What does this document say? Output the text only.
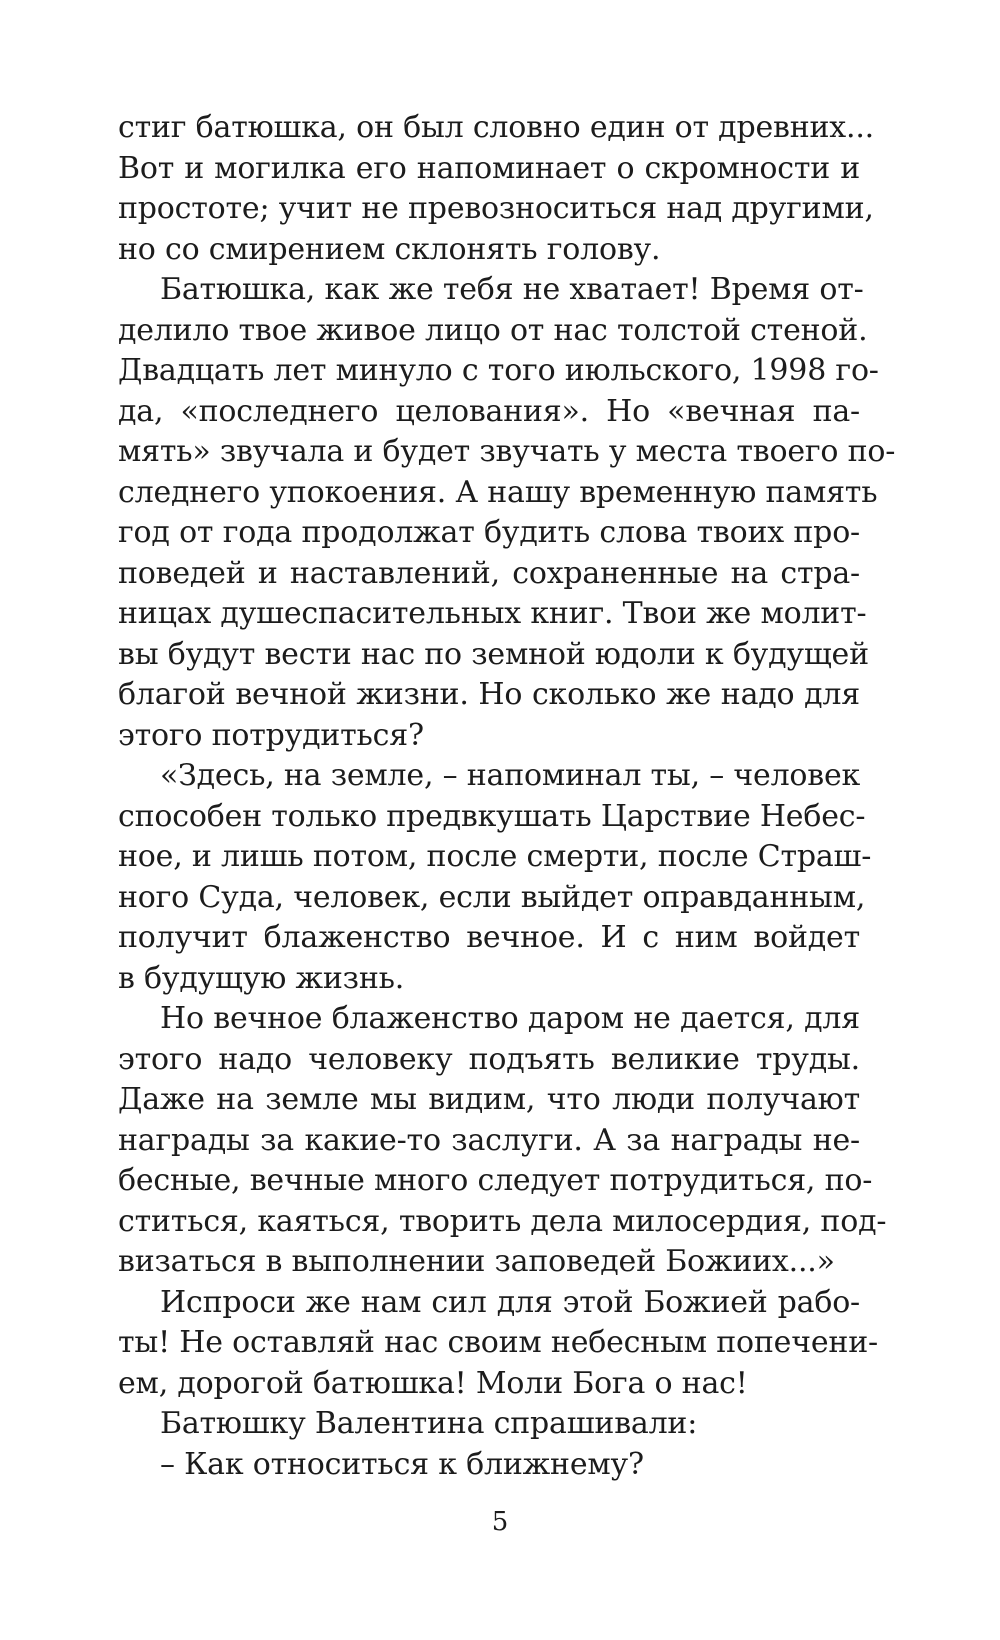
стиг батюшка, он был словно един от древних...
Вот и могилка его напоминает о скромности и
простоте; учит не превозноситься над другими,
но со смирением склонять голову.
Батюшка, как же тебя не хватает! Время от-
делило твое живое лицо от нас толстой стеной.
Двадцать лет минуло с того июльского, 1998 го-
да, «последнего целования». Но «вечная па-
мять» звучала и будет звучать у места твоего по-
следнего упокоения. А нашу временную память
год от года продолжат будить слова твоих про-
поведей и наставлений, сохраненные на стра-
ницах душеспасительных книг. Твои же молит-
вы будут вести нас по земной юдоли к будущей
благой вечной жизни. Но сколько же надо для
этого потрудиться?
«Здесь, на земле, – напоминал ты, – человек
способен только предвкушать Царствие Небес-
ное, и лишь потом, после смерти, после Страш-
ного Суда, человек, если выйдет оправданным,
получит блаженство вечное. И с ним войдет
в будущую жизнь.
Но вечное блаженство даром не дается, для
этого надо человеку подъять великие труды.
Даже на земле мы видим, что люди получают
награды за какие-то заслуги. А за награды не-
бесные, вечные много следует потрудиться, по-
ститься, каяться, творить дела милосердия, под-
визаться в выполнении заповедей Божиих...»
Испроси же нам сил для этой Божией рабо-
ты! Не оставляй нас своим небесным попечени-
ем, дорогой батюшка! Моли Бога о нас!
Батюшку Валентина спрашивали:
– Как относиться к ближнему?
5
